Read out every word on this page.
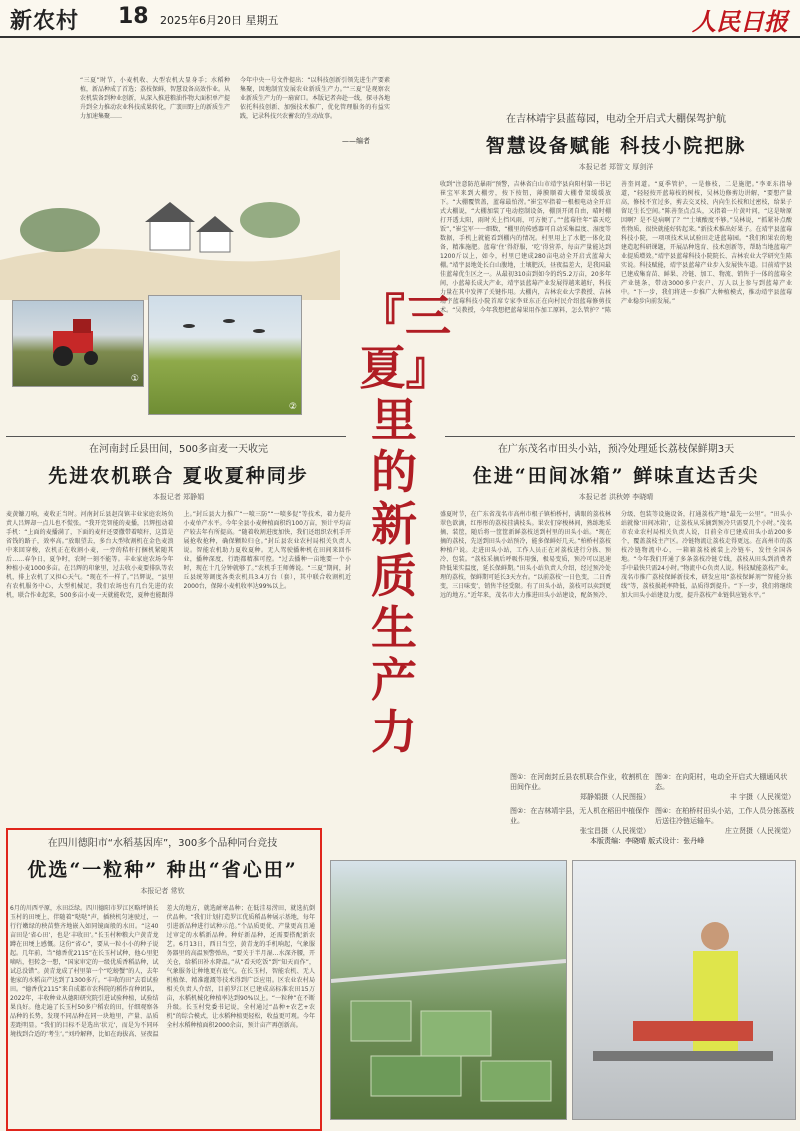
新农村 18 2025年6月20日 星期五	人民日报
“三夏”时节，小麦机收、大型农机大显身手；水稻种植，新品种成了首选；荔枝保鲜，智慧设备高效作业。从农机装备到种业创新，从深入推进粮油作物大面积单产提升到全力推动农业科技成果转化，广袤田野上的新质生产力加速集聚……
今年中央一号文件提出：“以科技创新引领先进生产要素集聚，因地制宜发展农业新质生产力。”“三夏”是观察农业新质生产力的一扇窗口。本版记者奔赴一线，探寻各地依托科技创新、加强技术推广，优化管理服务的有益实践，记录科技兴农蓄农的生动故事。
——编者
①
②
在吉林靖宇县蓝莓园，电动全开启式大棚保驾护航
智慧设备赋能 科技小院把脉
本报记者 郑智文 厚剑洋
收到“注意防范暴雨”预警，吉林省白山市靖宇县向阳村第一书记崔宝军来到大棚旁，按下按钮，薄膜顺着大棚骨架缓缓放下。“大棚覆管盖，蓝莓最怕涝。”崔宝军指着一根根电动全开启式大棚说，“大棚加装了电动控制设备，棚顶开闭自由，晴时棚打开透太阳，雨时关上挡风雨，可方便了。”“蓝莓往年“靠天吃饭”，”崔宝军一一细数，“棚里的传感器可自动采集温度、湿度等数据，手机上就能看到棚内的情况。村里用上了水肥一体化设备，精准施肥。蓝莓‘住’得舒服，‘吃’得营养，每亩产量能达到1200斤以上，如今，村里已建成280亩电动全开启式蓝莓大棚。”靖宇县地处长白山腹地，土壤肥沃，昼夜温差大，是我国最佳蓝莓优生区之一。从最初310亩到如今的约5.2万亩，20多年间，小蓝莓长成大产业，靖宇县蓝莓产业发展得越来越好，科技力量在其中发挥了关键作用。大棚内，吉林农业大学教授、吉林靖宇蓝莓科技小院首席专家李亚东正在向村民介绍蓝莓修剪技术。“吴教授，今年我想把蓝莓果用作加工原料，怎么管护？”陈善奎问道。“夏季管护，一是修枝，二是施肥。”李亚东指导道，“轻轻按开蓝莓枝的树枝，吴林边修剪边讲解，“要想产量高，修枝不宜过多，剪去交叉枝、内向生长枝和过密枝，给果子留足生长空间。”陈善奎点点头，又指着一片黄叶问，“这是啥原因啊？是不是病啊了？”“土壤酸度不够。”吴林说，“抓紧补点酸性物质，很快就能好转起来。”新技术推出好果子。在靖宇县蓝莓科技小院，一项项技术从试验田走进蓝莓园。“我们和果农的地建造起科研课题，开展品种选育、技术创新等，帮助当地蓝莓产业提质增效。”靖宇县蓝莓科技小院院长、吉林农业大学研究生陈实说。科技赋能，靖宇县蓝莓产业步入发展快车道。目前靖宇县已建成集育苗、鲜果、冷链、加工、物流、销售于一体的蓝莓全产业链条，带动3000多户农户、万人以上参与到蓝莓产业中。“下一步，我们将进一步推广大种植模式，推动靖宇县蓝莓产业稳步向前发展。”
『三夏』里的新质生产力
在河南封丘县田间，500多亩麦一天收完
先进农机联合 夏收夏种同步
本报记者 郑静娟
麦黄镰刀响，麦收正当时。河南封丘县赵岗镇丰业家庭农场负责人吕辉却一点儿也不慌张。“我开完智能的麦播，吕辉扭动着手机：“上面的麦播满了，下面的麦秆还要撒带着喷秆，这算是省钱的路子，效率高。”放眼望去，多台大型收割机在金色麦浪中来回穿梭，农机正在收割小麦，一旁的秸秆打捆机紧随其后……春争日，夏争时，农时一刻不能等。丰业家庭农场今年种植小麦1000多亩。在吕辉的印象里，过去收小麦要排队等农机，排上农机了又担心天气。“现在不一样了。”吕辉说，“县里有农机服务中心，大型机械足，我们农场也有几台先进的农机，联合作业起来，500多亩小麦一天就能收完，夏种也能跟得上。”封丘县大力推广“一喷三防”“一喷多促”等技术，着力提升小麦单产水平。今年全县小麦种植面积约100万亩，预计平均亩产较去年有所提高。“随着收割进度加快，我们还组织农机手开展抢收抢种，确保颗粒归仓。”封丘县农业农村局相关负责人说。智能农机助力夏收夏种。无人驾驶播种机在田间来回作业，播种深度、行距都精准可控。“过去播种一亩地要一个小时，现在十几分钟就够了。”农机手王师傅说。“三夏”期间，封丘县统筹调度各类农机具3.4万台（套），其中联合收割机近2000台，保障小麦机收率达99%以上。
在广东茂名市田头小站，预冷处理延长荔枝保鲜期3天
住进“田间冰箱” 鲜味直达舌尖
本报记者 洪秋婷 李晓晴
盛夏时节，在广东省茂名市高州市根子镇柏桥村，满眼的荔枝林翠色欲滴，红彤彤的荔枝挂满枝头。果农们穿梭林间，熟练地采摘、装筐，随后将一筐筐新鲜荔枝送到村里的田头小站。“现在摘的荔枝，先送到田头小站预冷，能多保鲜好几天。”柏桥村荔枝种植户说。走进田头小站，工作人员正在对荔枝进行分拣、预冷、包装。“荔枝采摘后呼吸作用强，极易变质，预冷可以迅速降低果实温度，延长保鲜期。”田头小站负责人介绍，经过预冷处理的荔枝，保鲜期可延长3天左右。“以前荔枝‘一日色变，二日香变，三日味变’，销售半径受限。有了田头小站，荔枝可以卖到更远的地方。”近年来，茂名市大力推进田头小站建设，配备预冷、分级、包装等设施设备，打通荔枝产地“最先一公里”。“田头小站就像‘田间冰箱’，让荔枝从采摘到预冷只需要几个小时。”茂名市农业农村局相关负责人说，目前全市已建成田头小站200多个，覆盖荔枝主产区。冷链物流让荔枝走得更远。在高州市的荔枝冷链物流中心，一箱箱荔枝被装上冷链车，发往全国各地。“今年我们开通了多条荔枝冷链专线，荔枝从田头到消费者手中最快只需24小时。”物流中心负责人说。科技赋能荔枝产业。茂名市推广荔枝保鲜新技术，研发应用“荔枝保鲜剂”“智能分拣线”等，荔枝损耗率降低，品质得到提升。“下一步，我们将继续加大田头小站建设力度，提升荔枝产业链供应链水平。”
图①：在河南封丘县农机联合作业，收割机在田间作业。
郑静娟摄（人民图报）
图②：在吉林靖宇县，无人机在稻田中植保作业。
张宝昌摄（人民视觉）
图③：在向阳村，电动全开启式大棚通风状态。
丰 宇摄（人民视觉）
图④：在柏桥村田头小站，工作人员分拣荔枝后送往冷链运输车。
庄立贤摄（人民视觉）
本版责编：李晓晴 版式设计：张丹峰
在四川德阳市“水稻基因库”，300多个品种同台竞技
优选“一粒种” 种出“省心田”
本报记者 常钦
6月的川西平原，水田泛绿。四川德阳市罗江区略坪镇长玉村的田埂上，伴随着“哒哒”声，插秧机匀速驶过，一行行嫩绿的秧苗整齐地嵌入如同镜面般的水田。“这40亩田是‘省心田’，也是‘丰收田’。”长玉村种粮大户黄青龙蹲在田埂上感慨。这份“省心”，要从一粒小小的种子说起。几年前，当“德香优2115”在长玉村试种，他心里犯嘀咕，但转念一想，“国家审定的一级优质香稻品种，试试总没错”。黄青龙成了村里第一个“吃螃蟹”的人，去年他家的水稻亩产达到了1300多斤。“丰收的田”去看试验田。“德香优2115”来自成都市农科院的稻作育种团队，2022年，丰收种业从德阳研究院引进试验种植，试验结果良好。他走遍了长玉村50多户稻农的田，仔细观察各品种的长势，发现不同品种在同一块地里，产量、品质差距明显。“我们的目标不是选出‘状元’，而是为不同环境找到合适的‘考生’。”刘玲解释，比如在海拔高、昼夜温差大的地方，就选耐寒品种；在低洼易涝田，就选抗倒伏品种。“我们计划打造罗江优质稻品种展示基地，每年引进新品种进行试种示范。”个品质更优、产量更高且通过审定的水稻新品种。种好新品种，还需要搭配新农艺。6月13日，西日当空，黄青龙的手机响起，气象服务器里的高温预警弹出，“要关于半月湿…水深齐腰，开关仓，给稻田补水降温。”从“看天吃饭”到“知天而作”，气象服务让种地更有底气。在长玉村，智能农机、无人机植保、精准灌溉等技术得到广泛应用。区农业农村局相关负责人介绍，目前罗江区已建成高标准农田15万亩，水稻机械化种植率达到90%以上。“一粒种”在不断升级。长玉村党委书记说，全村通过“品种+农艺+农机”的综合模式，让水稻种植更轻松，收益更可观。今年全村水稻种植面积2000余亩，预计亩产再创新高。
